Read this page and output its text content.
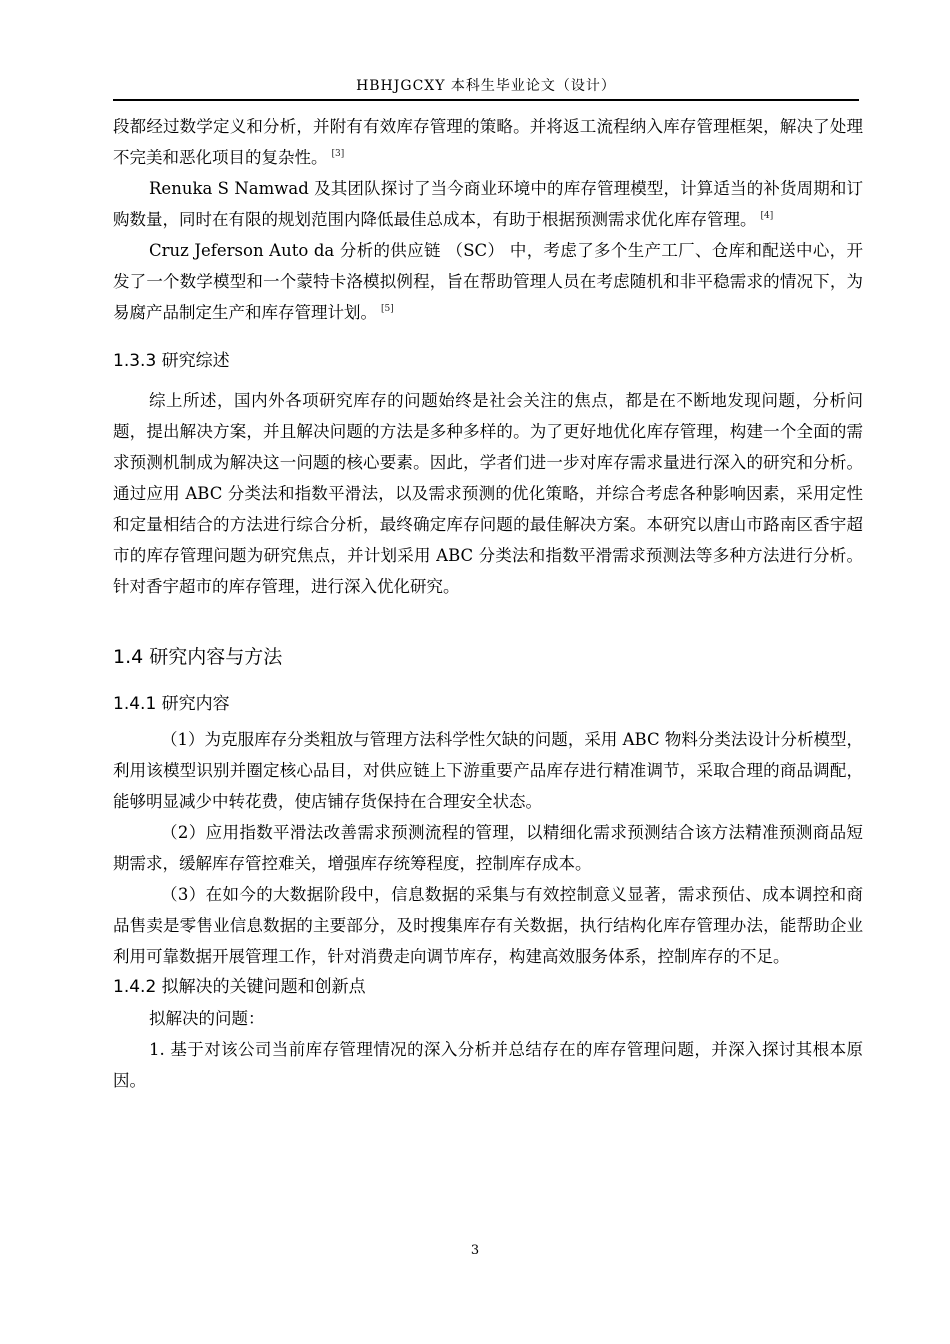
HBHJGCXY 本科生毕业论文（设计）

段都经过数学定义和分析，并附有有效库存管理的策略。并将返工流程纳入库存管理框架，解决了处理不完美和恶化项目的复杂性。 [3]

Renuka S Namwad 及其团队探讨了当今商业环境中的库存管理模型，计算适当的补货周期和订购数量，同时在有限的规划范围内降低最佳总成本，有助于根据预测需求优化库存管理。 [4]

Cruz Jeferson Auto da 分析的供应链 （SC） 中，考虑了多个生产工厂、仓库和配送中心，开发了一个数学模型和一个蒙特卡洛模拟例程，旨在帮助管理人员在考虑随机和非平稳需求的情况下，为易腐产品制定生产和库存管理计划。 [5]

1.3.3 研究综述

综上所述，国内外各项研究库存的问题始终是社会关注的焦点，都是在不断地发现问题，分析问题，提出解决方案，并且解决问题的方法是多种多样的。为了更好地优化库存管理，构建一个全面的需求预测机制成为解决这一问题的核心要素。因此，学者们进一步对库存需求量进行深入的研究和分析。通过应用 ABC 分类法和指数平滑法，以及需求预测的优化策略，并综合考虑各种影响因素，采用定性和定量相结合的方法进行综合分析，最终确定库存问题的最佳解决方案。本研究以唐山市路南区香宇超市的库存管理问题为研究焦点，并计划采用 ABC 分类法和指数平滑需求预测法等多种方法进行分析。针对香宇超市的库存管理，进行深入优化研究。

1.4 研究内容与方法
1.4.1 研究内容

（1）为克服库存分类粗放与管理方法科学性欠缺的问题，采用 ABC 物料分类法设计分析模型，利用该模型识别并圈定核心品目，对供应链上下游重要产品库存进行精准调节，采取合理的商品调配，能够明显减少中转花费，使店铺存货保持在合理安全状态。

（2）应用指数平滑法改善需求预测流程的管理，以精细化需求预测结合该方法精准预测商品短期需求，缓解库存管控难关，增强库存统筹程度，控制库存成本。

（3）在如今的大数据阶段中，信息数据的采集与有效控制意义显著，需求预估、成本调控和商品售卖是零售业信息数据的主要部分，及时搜集库存有关数据，执行结构化库存管理办法，能帮助企业利用可靠数据开展管理工作，针对消费走向调节库存，构建高效服务体系，控制库存的不足。

1.4.2 拟解决的关键问题和创新点

拟解决的问题：

1. 基于对该公司当前库存管理情况的深入分析并总结存在的库存管理问题，并深入探讨其根本原因。

3
